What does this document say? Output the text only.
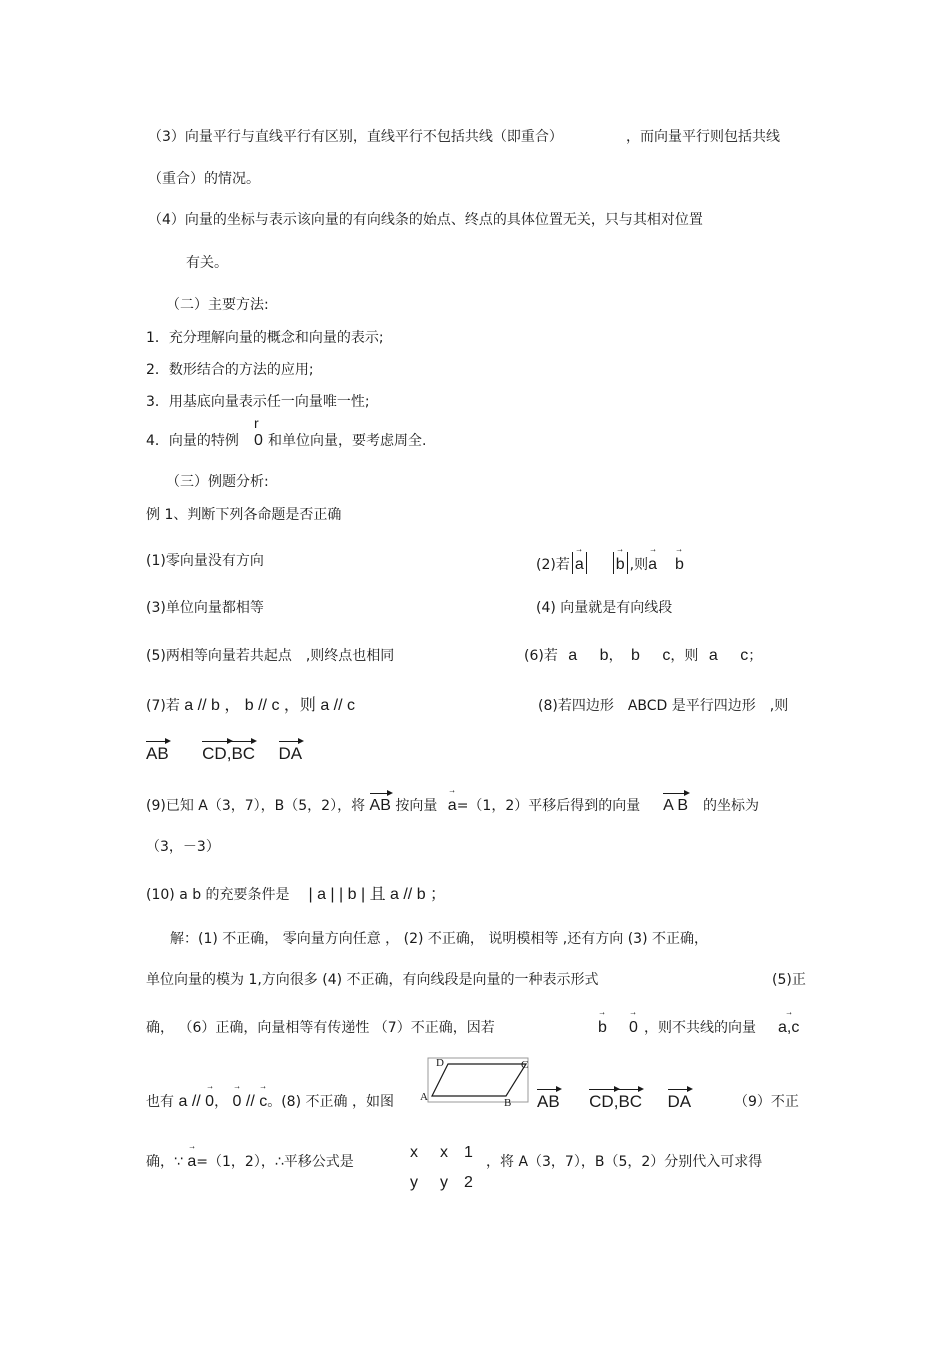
（3）向量平行与直线平行有区别，直线平行不包括共线（即重合）	，而向量平行则包括共线
（重合）的情况。
（4）向量的坐标与表示该向量的有向线条的始点、终点的具体位置无关，只与其相对位置
有关。
（二）主要方法:
1．充分理解向量的概念和向量的表示;
2．数形结合的方法的应用;
3．用基底向量表示任一向量唯一性;
4．向量的特例
r
0 和单位向量，要考虑周全.
（三）例题分析:
例 1、判断下列各命题是否正确
(1)零向量没有方向	(2)若 → a → b ,则→ a → b
(3)单位向量都相等	(4) 向量就是有向线段
(5)两相等向量若共起点　,则终点也相同	(6)若 a b， b c，则 a c；
(7)若 a // b ， b // c ，则 a // c	(8)若四边形　ABCD 是平行四边形　,则
AB CD,BC DA
(9)已知 A（3，7），B（5，2），将 AB 按向量 → a=（1，2）平移后得到的向量 A B 的坐标为
（3，－3）
(10) a b 的充要条件是 | a | | b | 且 a // b ；
解：(1) 不正确， 零向量方向任意 ， (2) 不正确， 说明模相等 ,还有方向 (3) 不正确，
单位向量的模为 1,方向很多 (4) 不正确，有向线段是向量的一种表示形式	(5)正
确， （6）正确，向量相等有传递性 （7）不正确，因若	→ b → 0 ，则不共线的向量 → a,c
也有 a // → 0， → 0 // → c。(8) 不正确 ，如图
D	C
A	B AB CD,BC DA	（9）不正
确，∵ → a=（1，2），∴平移公式是
x x 1
y y 2
，将 A（3，7），B（5，2）分别代入可求得
